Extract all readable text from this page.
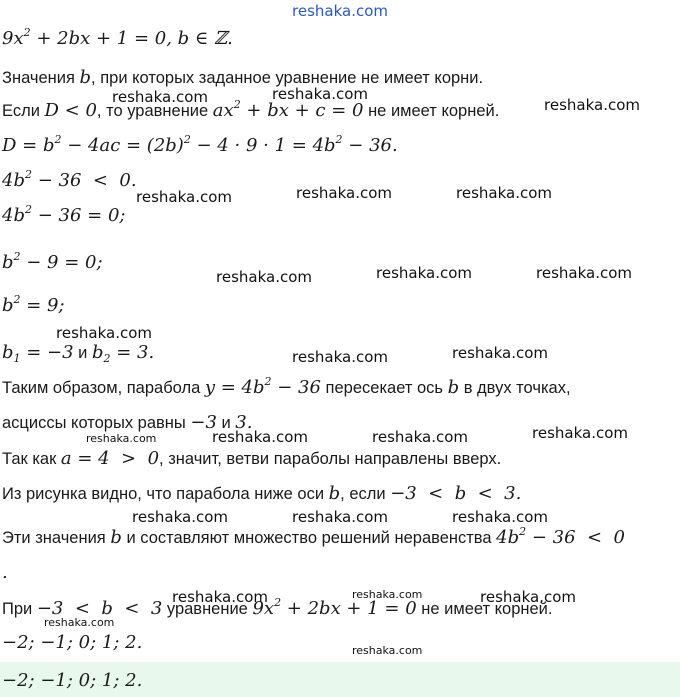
reshaka.com
$9x^2 + 2bx + 1 = 0$, b ∈ ℤ.
Значения b, при которых заданное уравнение не имеет корни.
Если D < 0, то уравнение $ax^2$ + bx + c = 0 не имеет корней.
$D = b^2 - 4ac = (2b)^2 - 4 \cdot 9 \cdot 1 = 4b^2 - 36$.
$4b^2 - 36 < 0$.
$4b^2 - 36 = 0$;
$b^2 - 9 = 0$;
$b^2 = 9$;
$b_1 = -3$ и $b_2 = 3$.
Таким образом, парабола $y = 4b^2 - 36$ пересекает ось b в двух точках,
асциссы которых равны −3 и 3.
Так как a = 4  >  0, значит, ветви параболы направлены вверх.
Из рисунка видно, что парабола ниже оси b, если −3  <  b  <  3.
Эти значения b и составляют множество решений неравенства $4b^2 - 36 < 0$
.
При −3  <  b  <  3 уравнение $9x^2 + 2bx + 1 = 0$ не имеет корней.
−2; −1; 0; 1; 2.
−2; −1; 0; 1; 2.
reshaka.com	reshaka.com
reshaka.com
reshaka.com	reshaka.com	reshaka.com
reshaka.com	reshaka.com	reshaka.com
reshaka.com
reshaka.com	reshaka.com
reshaka.com	reshaka.com	reshaka.com	reshaka.com
reshaka.com	reshaka.com	reshaka.com
reshaka.com	reshaka.com	reshaka.com
reshaka.com
reshaka.com
